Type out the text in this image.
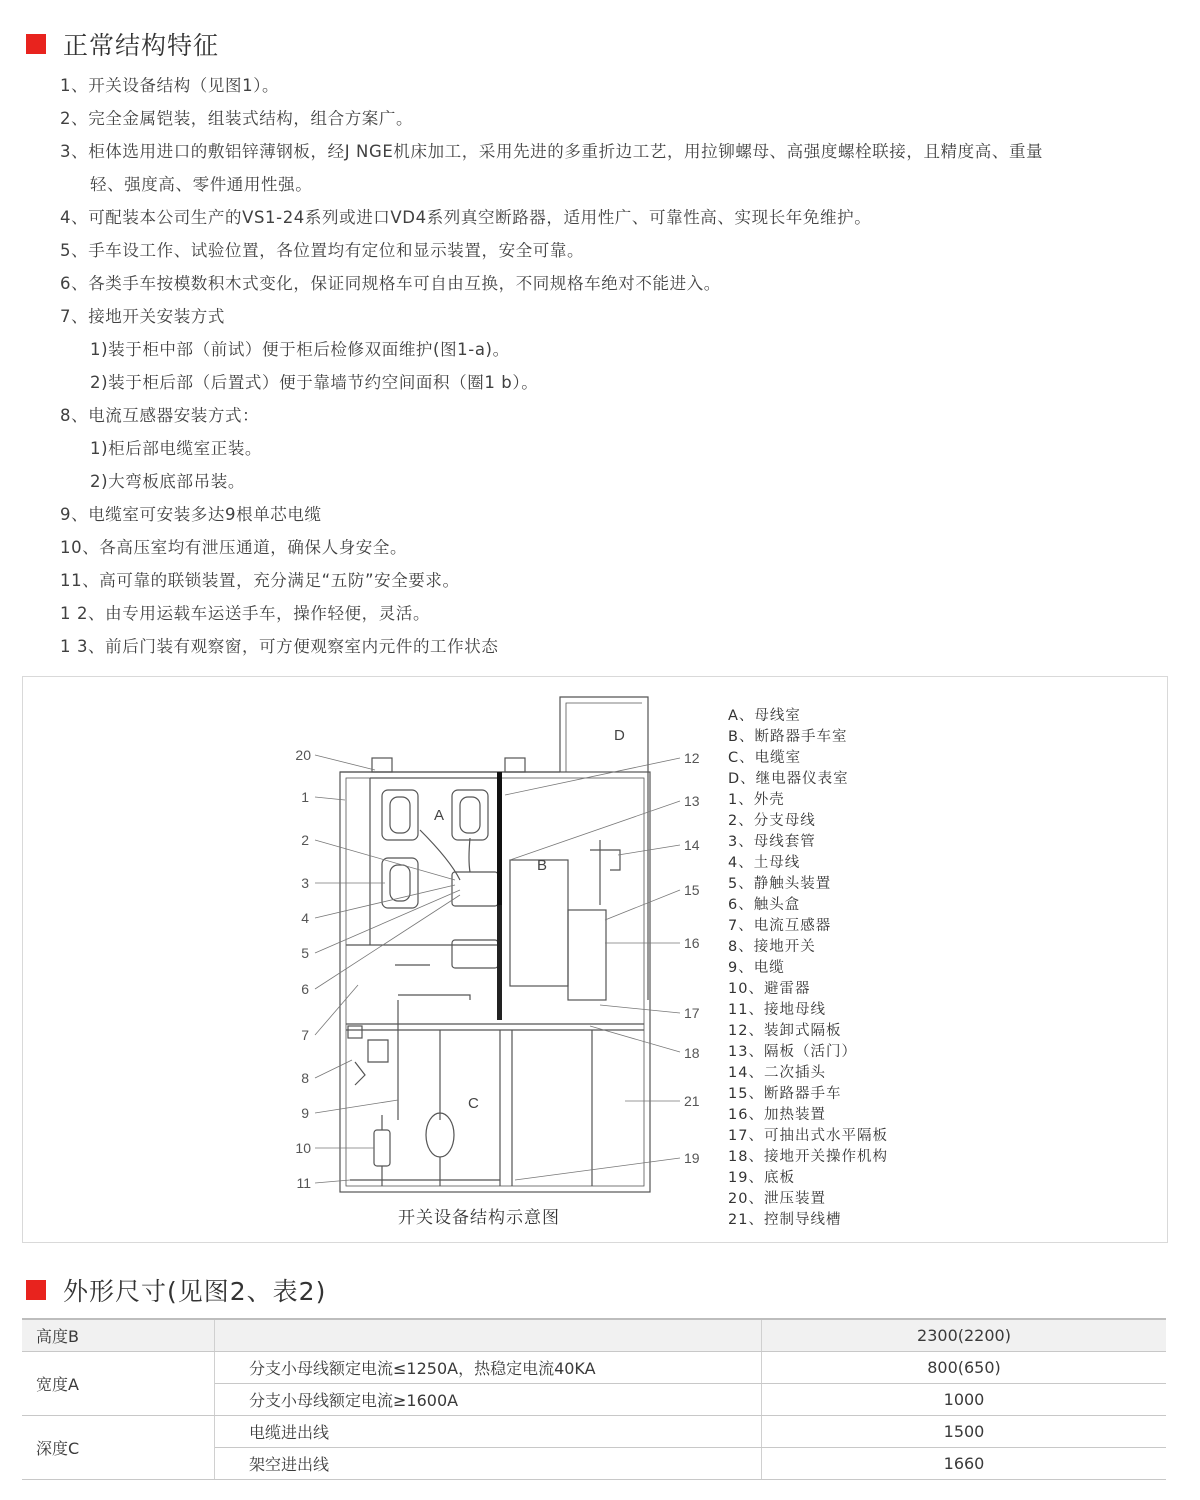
正常结构特征
1、开关设备结构（见图1）。
2、完全金属铠装，组装式结构，组合方案广。
3、柜体选用进口的敷铝锌薄钢板，经J NGE机床加工，采用先进的多重折边工艺，用拉铆螺母、高强度螺栓联接，且精度高、重量
轻、强度高、零件通用性强。
4、可配装本公司生产的VS1-24系列或进口VD4系列真空断路器，适用性广、可靠性高、实现长年免维护。
5、手车设工作、试验位置，各位置均有定位和显示装置，安全可靠。
6、各类手车按模数积木式变化，保证同规格车可自由互换，不同规格车绝对不能进入。
7、接地开关安装方式
1)装于柜中部（前试）便于柜后检修双面维护(图1-a)。
2)装于柜后部（后置式）便于靠墙节约空间面积（圈1 b）。
8、电流互感器安装方式：
1)柜后部电缆室正装。
2)大弯板底部吊装。
9、电缆室可安装多达9根单芯电缆
10、各高压室均有泄压通道，确保人身安全。
11、高可靠的联锁装置，充分满足“五防”安全要求。
1 2、由专用运载车运送手车，操作轻便，灵活。
1 3、前后门装有观察窗，可方便观察室内元件的工作状态
A
B
C
D
20
1
2
3
4
5
6
7
8
9
10
11
12
13
14
15
16
17
18
21
19
开关设备结构示意图
A、母线室
B、断路器手车室
C、电缆室
D、继电器仪表室
1、外壳
2、分支母线
3、母线套管
4、土母线
5、静触头装置
6、触头盒
7、电流互感器
8、接地开关
9、电缆
10、避雷器
11、接地母线
12、装卸式隔板
13、隔板（活门）
14、二次插头
15、断路器手车
16、加热装置
17、可抽出式水平隔板
18、接地开关操作机构
19、底板
20、泄压装置
21、控制导线槽
外形尺寸(见图2、表2)
高度B		2300(2200)
宽度A	分支小母线额定电流≤1250A，热稳定电流40KA	800(650)
	分支小母线额定电流≥1600A	1000
深度C	电缆进出线	1500
	架空进出线	1660
